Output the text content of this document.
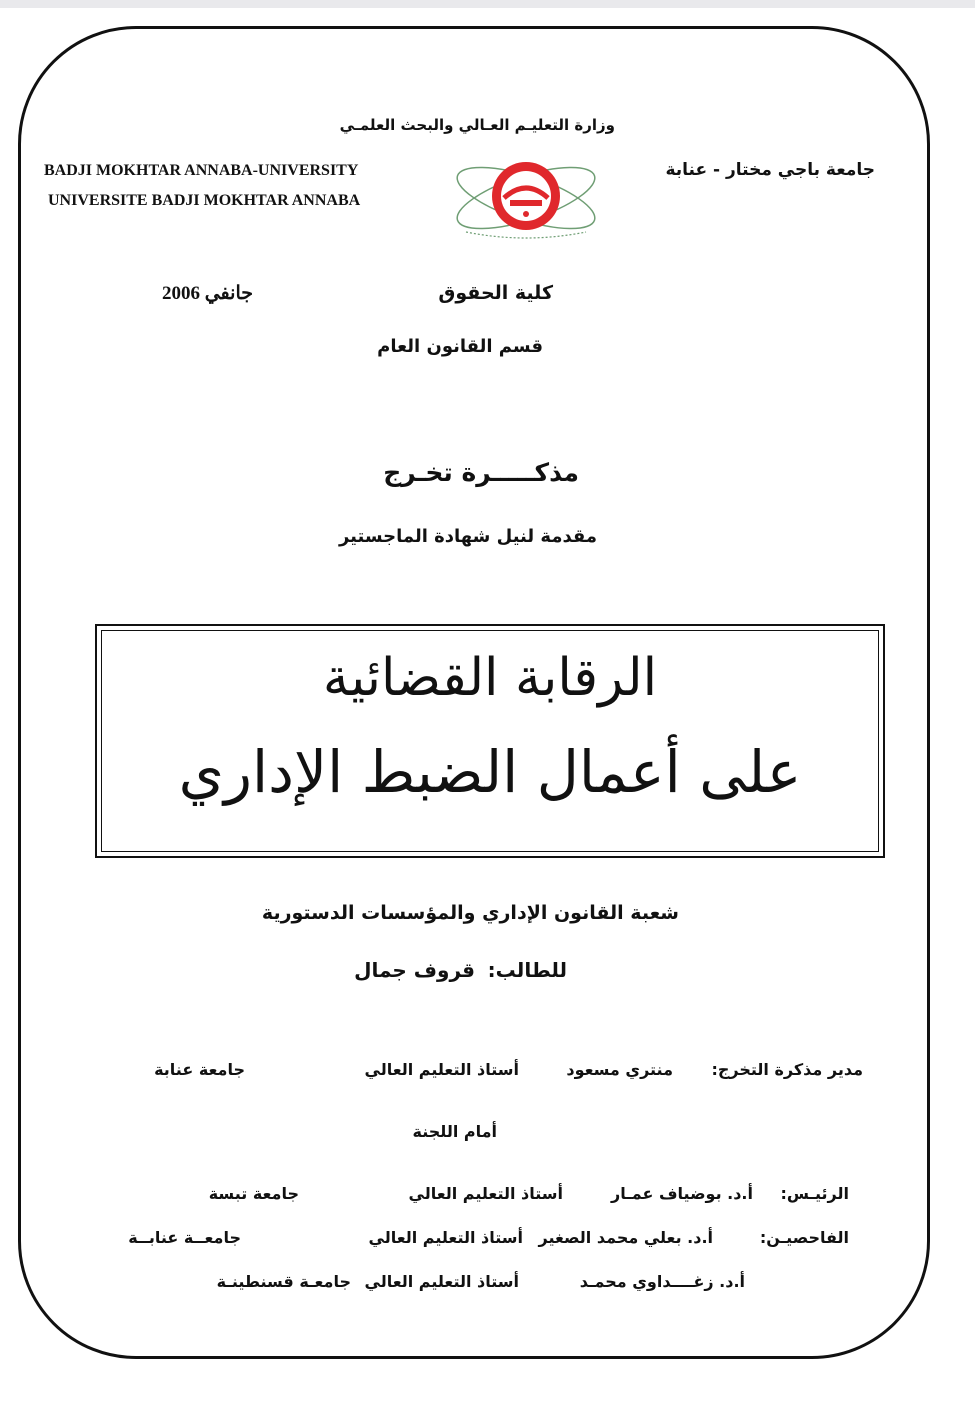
وزارة التعليـم العـالي والبحث العلمـي
جامعة باجي مختار - عنابة
BADJI MOKHTAR ANNABA-UNIVERSITY
UNIVERSITE BADJI MOKHTAR ANNABA
كلية الحقوق
جانفي 2006
قسم القانون العام
مذكـــــرة تخـرج
مقدمة لنيل شهادة الماجستير
الرقابة القضائية
على أعمال الضبط الإداري
شعبة القانون الإداري والمؤسسات الدستورية
للطالب:
قروف جمال
مدير مذكرة التخرج:
منتري مسعود
أستاذ التعليم العالي
جامعة عنابة
أمام اللجنة
الرئيـس:
أ.د. بوضياف عمـار
أستاذ التعليم العالي
جامعة تبسة
الفاحصيـن:
أ.د. بعلي محمد الصغير
أستاذ التعليم العالي
جامعــة عنابــة
أ.د. زغــــداوي محمـد
أستاذ التعليم العالي
جامعـة قسنطينـة
